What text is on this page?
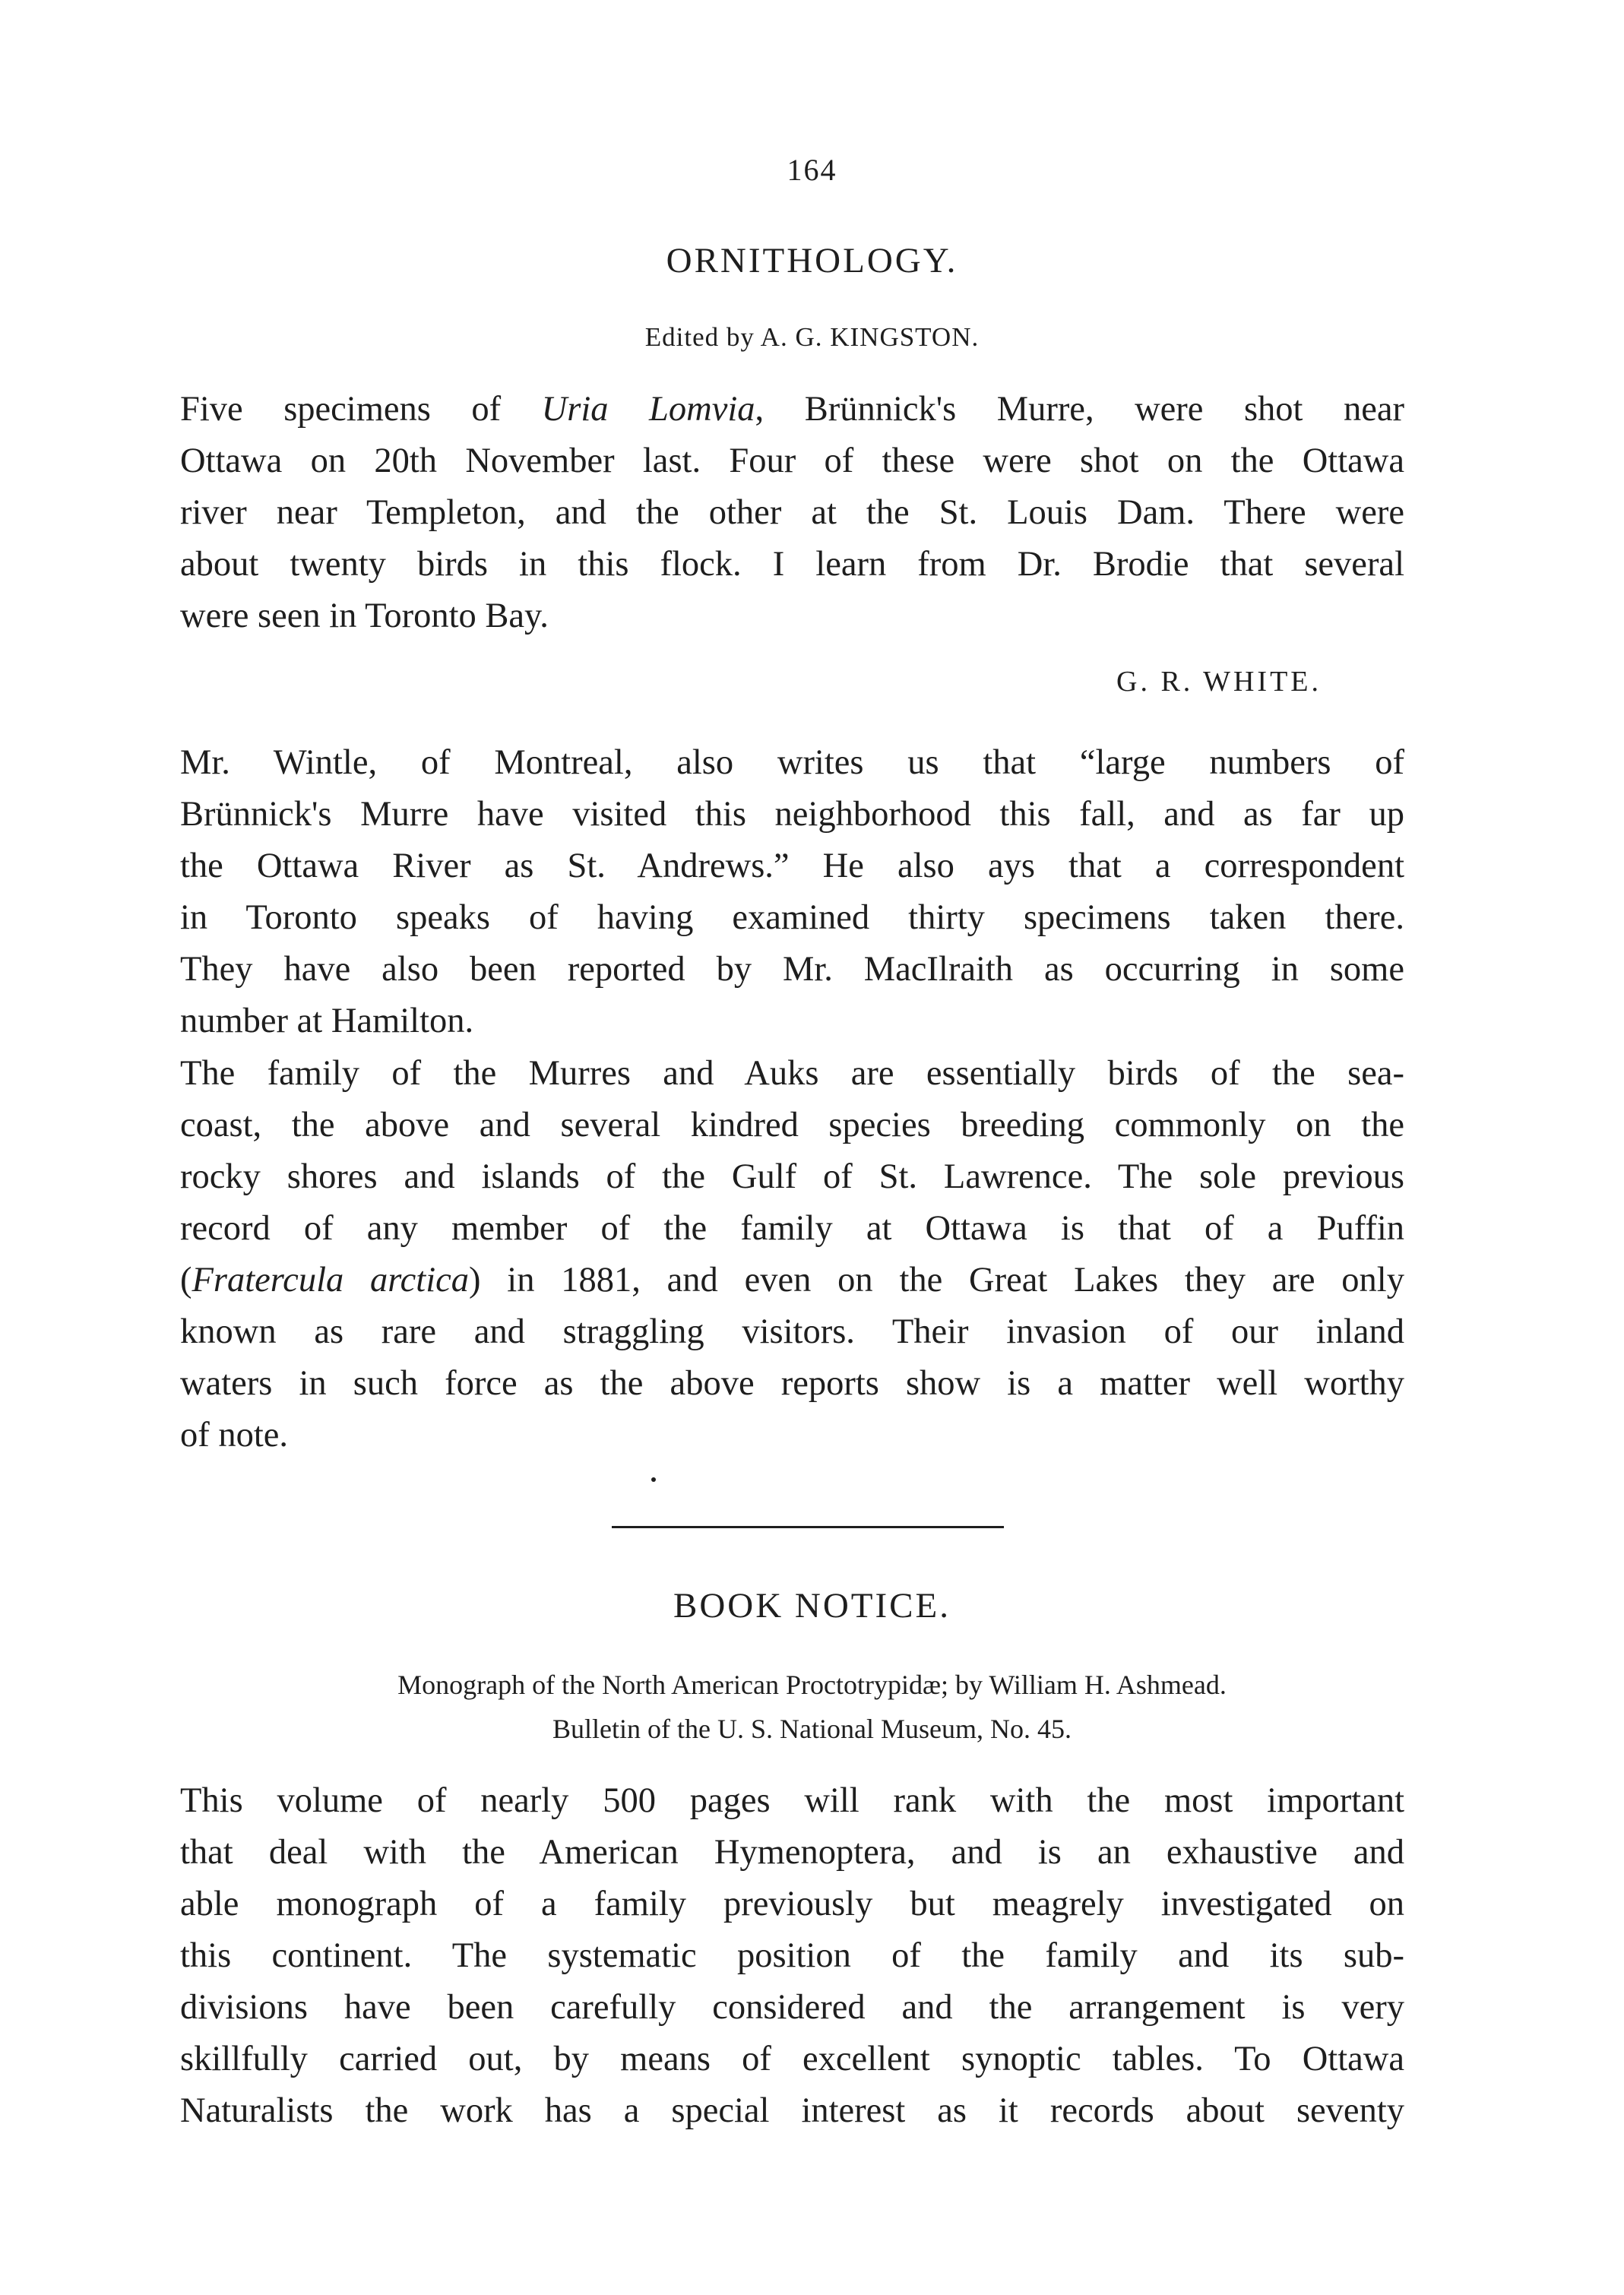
164
ORNITHOLOGY.
Edited by A. G. KINGSTON.
Five specimens of Uria Lomvia, Brünnick's Murre, were shot near
Ottawa on 20th November last. Four of these were shot on the Ottawa
river near Templeton, and the other at the St. Louis Dam. There were
about twenty birds in this flock. I learn from Dr. Brodie that several
were seen in Toronto Bay.
G. R. WHITE.
Mr. Wintle, of Montreal, also writes us that “large numbers of
Brünnick's Murre have visited this neighborhood this fall, and as far up
the Ottawa River as St. Andrews.” He also ays that a correspondent
in Toronto speaks of having examined thirty specimens taken there.
They have also been reported by Mr. MacIlraith as occurring in some
number at Hamilton.
The family of the Murres and Auks are essentially birds of the sea-
coast, the above and several kindred species breeding commonly on the
rocky shores and islands of the Gulf of St. Lawrence. The sole previous
record of any member of the family at Ottawa is that of a Puffin
(Fratercula arctica) in 1881, and even on the Great Lakes they are only
known as rare and straggling visitors. Their invasion of our inland
waters in such force as the above reports show is a matter well worthy
of note.
BOOK NOTICE.
Monograph of the North American Proctotrypidæ; by William H. Ashmead.
Bulletin of the U. S. National Museum, No. 45.
This volume of nearly 500 pages will rank with the most important
that deal with the American Hymenoptera, and is an exhaustive and
able monograph of a family previously but meagrely investigated on
this continent. The systematic position of the family and its sub-
divisions have been carefully considered and the arrangement is very
skillfully carried out, by means of excellent synoptic tables. To Ottawa
Naturalists the work has a special interest as it records about seventy
